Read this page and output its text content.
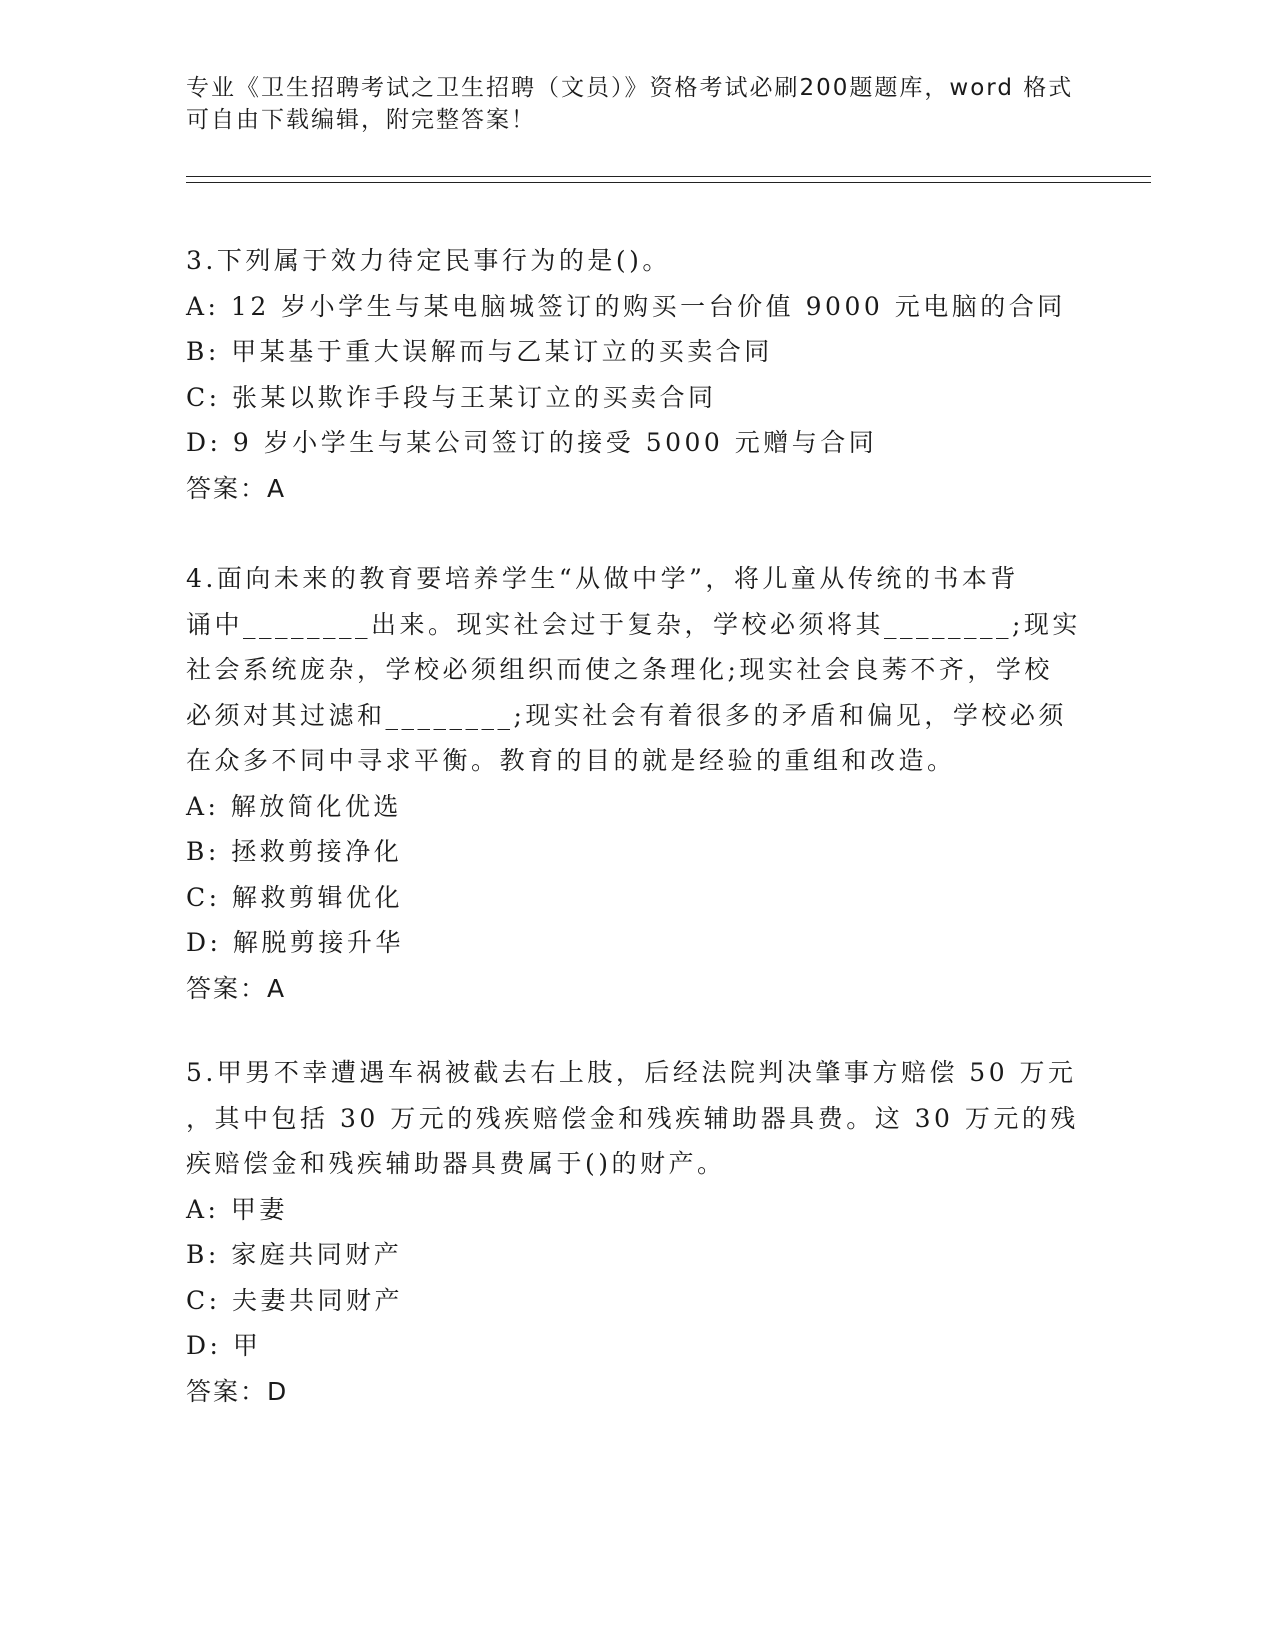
专业《卫生招聘考试之卫生招聘（文员）》资格考试必刷200题题库，word 格式
可自由下载编辑，附完整答案！
3.下列属于效力待定民事行为的是()。
A: 12 岁小学生与某电脑城签订的购买一台价值 9000 元电脑的合同
B: 甲某基于重大误解而与乙某订立的买卖合同
C: 张某以欺诈手段与王某订立的买卖合同
D: 9 岁小学生与某公司签订的接受 5000 元赠与合同
答案：A
4.面向未来的教育要培养学生“从做中学”，将儿童从传统的书本背
诵中________出来。现实社会过于复杂，学校必须将其________;现实
社会系统庞杂，学校必须组织而使之条理化;现实社会良莠不齐，学校
必须对其过滤和________;现实社会有着很多的矛盾和偏见，学校必须
在众多不同中寻求平衡。教育的目的就是经验的重组和改造。
A: 解放简化优选
B: 拯救剪接净化
C: 解救剪辑优化
D: 解脱剪接升华
答案：A
5.甲男不幸遭遇车祸被截去右上肢，后经法院判决肇事方赔偿 50 万元
，其中包括 30 万元的残疾赔偿金和残疾辅助器具费。这 30 万元的残
疾赔偿金和残疾辅助器具费属于()的财产。
A: 甲妻
B: 家庭共同财产
C: 夫妻共同财产
D: 甲
答案：D
